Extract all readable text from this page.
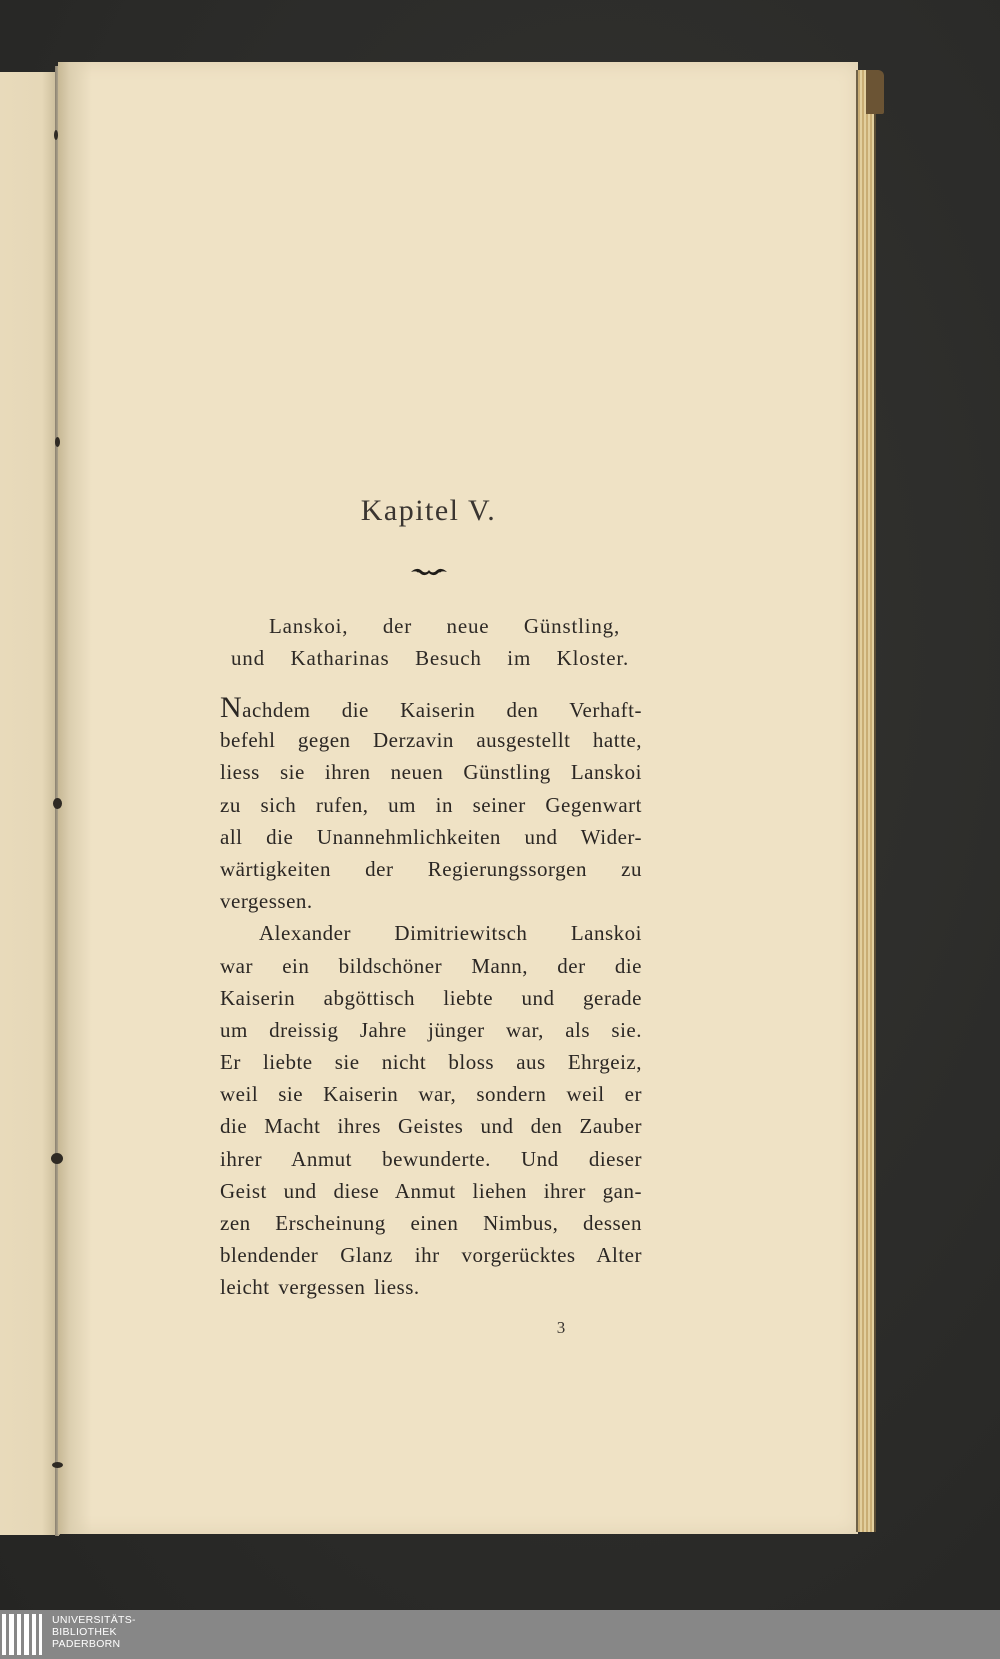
Kapitel V.
Lanskoi, der neue Günstling,
und Katharinas Besuch im Kloster.
Nachdem die Kaiserin den Verhaft-
befehl gegen Derzavin ausgestellt hatte,
liess sie ihren neuen Günstling Lanskoi
zu sich rufen, um in seiner Gegenwart
all die Unannehmlichkeiten und Wider-
wärtigkeiten der Regierungssorgen zu
vergessen.
Alexander Dimitriewitsch Lanskoi
war ein bildschöner Mann, der die
Kaiserin abgöttisch liebte und gerade
um dreissig Jahre jünger war, als sie.
Er liebte sie nicht bloss aus Ehrgeiz,
weil sie Kaiserin war, sondern weil er
die Macht ihres Geistes und den Zauber
ihrer Anmut bewunderte. Und dieser
Geist und diese Anmut liehen ihrer gan-
zen Erscheinung einen Nimbus, dessen
blendender Glanz ihr vorgerücktes Alter
leicht vergessen liess.
3
UNIVERSITÄTS-
BIBLIOTHEK
PADERBORN
